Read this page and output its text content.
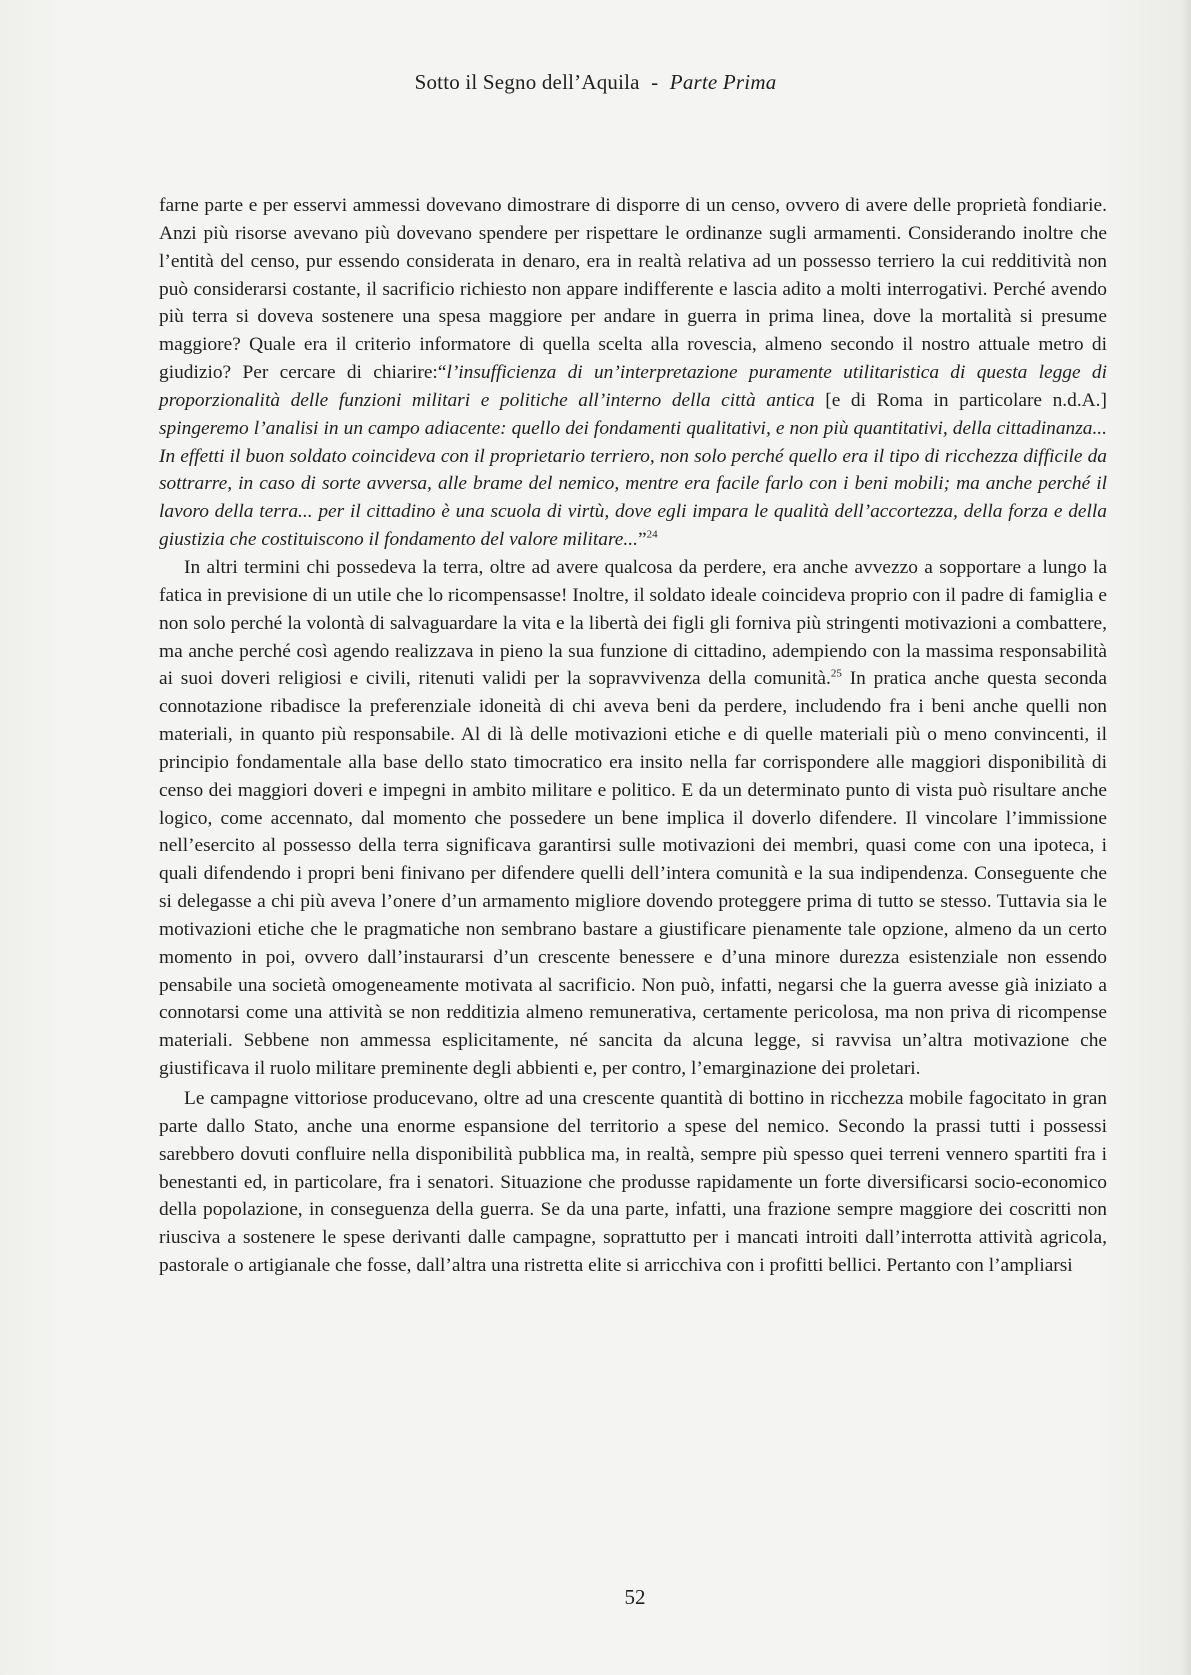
Sotto il Segno dell’Aquila - Parte Prima

farne parte e per esservi ammessi dovevano dimostrare di disporre di un censo, ovvero di avere delle proprietà fondiarie. Anzi più risorse avevano più dovevano spendere per rispettare le ordinanze sugli armamenti. Considerando inoltre che l’entità del censo, pur essendo considerata in denaro, era in realtà relativa ad un possesso terriero la cui redditività non può considerarsi costante, il sacrificio richiesto non appare indifferente e lascia adito a molti interrogativi. Perché avendo più terra si doveva sostenere una spesa maggiore per andare in guerra in prima linea, dove la mortalità si presume maggiore? Quale era il criterio informatore di quella scelta alla rovescia, almeno secondo il nostro attuale metro di giudizio? Per cercare di chiarire:“l’insufficienza di un’interpretazione puramente utilitaristica di questa legge di proporzionalità delle funzioni militari e politiche all’interno della città antica [e di Roma in particolare n.d.A.] spingeremo l’analisi in un campo adiacente: quello dei fondamenti qualitativi, e non più quantitativi, della cittadinanza... In effetti il buon soldato coincideva con il proprietario terriero, non solo perché quello era il tipo di ricchezza difficile da sottrarre, in caso di sorte avversa, alle brame del nemico, mentre era facile farlo con i beni mobili; ma anche perché il lavoro della terra... per il cittadino è una scuola di virtù, dove egli impara le qualità dell’accortezza, della forza e della giustizia che costituiscono il fondamento del valore militare...”$^{24}$

In altri termini chi possedeva la terra, oltre ad avere qualcosa da perdere, era anche avvezzo a sopportare a lungo la fatica in previsione di un utile che lo ricompensasse! Inoltre, il soldato ideale coincideva proprio con il padre di famiglia e non solo perché la volontà di salvaguardare la vita e la libertà dei figli gli forniva più stringenti motivazioni a combattere, ma anche perché così agendo realizzava in pieno la sua funzione di cittadino, adempiendo con la massima responsabilità ai suoi doveri religiosi e civili, ritenuti validi per la sopravvivenza della comunità.$^{25}$ In pratica anche questa seconda connotazione ribadisce la preferenziale idoneità di chi aveva beni da perdere, includendo fra i beni anche quelli non materiali, in quanto più responsabile. Al di là delle motivazioni etiche e di quelle materiali più o meno convincenti, il principio fondamentale alla base dello stato timocratico era insito nella far corrispondere alle maggiori disponibilità di censo dei maggiori doveri e impegni in ambito militare e politico. E da un determinato punto di vista può risultare anche logico, come accennato, dal momento che possedere un bene implica il doverlo difendere. Il vincolare l’immissione nell’esercito al possesso della terra significava garantirsi sulle motivazioni dei membri, quasi come con una ipoteca, i quali difendendo i propri beni finivano per difendere quelli dell’intera comunità e la sua indipendenza. Conseguente che si delegasse a chi più aveva l’onere d’un armamento migliore dovendo proteggere prima di tutto se stesso. Tuttavia sia le motivazioni etiche che le pragmatiche non sembrano bastare a giustificare pienamente tale opzione, almeno da un certo momento in poi, ovvero dall’instaurarsi d’un crescente benessere e d’una minore durezza esistenziale non essendo pensabile una società omogeneamente motivata al sacrificio. Non può, infatti, negarsi che la guerra avesse già iniziato a connotarsi come una attività se non redditizia almeno remunerativa, certamente pericolosa, ma non priva di ricompense materiali. Sebbene non ammessa esplicitamente, né sancita da alcuna legge, si ravvisa un’altra motivazione che giustificava il ruolo militare preminente degli abbienti e, per contro, l’emarginazione dei proletari.

Le campagne vittoriose producevano, oltre ad una crescente quantità di bottino in ricchezza mobile fagocitato in gran parte dallo Stato, anche una enorme espansione del territorio a spese del nemico. Secondo la prassi tutti i possessi sarebbero dovuti confluire nella disponibilità pubblica ma, in realtà, sempre più spesso quei terreni vennero spartiti fra i benestanti ed, in particolare, fra i senatori. Situazione che produsse rapidamente un forte diversificarsi socio-economico della popolazione, in conseguenza della guerra. Se da una parte, infatti, una frazione sempre maggiore dei coscritti non riusciva a sostenere le spese derivanti dalle campagne, soprattutto per i mancati introiti dall’interrotta attività agricola, pastorale o artigianale che fosse, dall’altra una ristretta elite si arricchiva con i profitti bellici. Pertanto con l’ampliarsi

52
